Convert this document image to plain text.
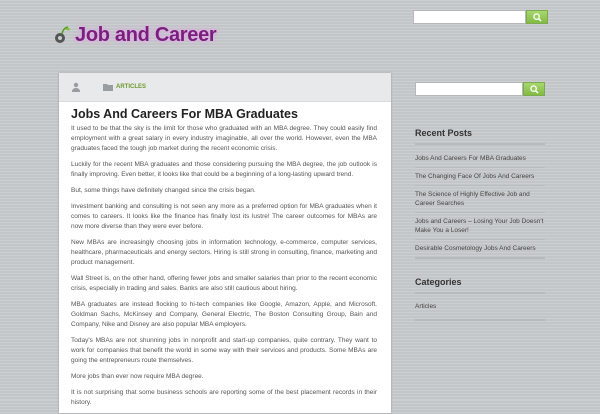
Job and Career
ARTICLES
Jobs And Careers For MBA Graduates

It used to be that the sky is the limit for those who graduated with an MBA degree. They could easily find employment with a great salary in every industry imaginable, all over the world. However, even the MBA graduates faced the tough job market during the recent economic crisis.

Luckily for the recent MBA graduates and those considering pursuing the MBA degree, the job outlook is finally improving. Even better, it looks like that could be a beginning of a long-lasting upward trend.

But, some things have definitely changed since the crisis began.

Investment banking and consulting is not seen any more as a preferred option for MBA graduates when it comes to careers. It looks like the finance has finally lost its lustre! The career outcomes for MBAs are now more diverse than they were ever before.

New MBAs are increasingly choosing jobs in information technology, e-commerce, computer services, healthcare, pharmaceuticals and energy sectors. Hiring is still strong in consulting, finance, marketing and product management.

Wall Street is, on the other hand, offering fewer jobs and smaller salaries than prior to the recent economic crisis, especially in trading and sales. Banks are also still cautious about hiring.

MBA graduates are instead flocking to hi-tech companies like Google, Amazon, Apple, and Microsoft. Goldman Sachs, McKinsey and Company, General Electric, The Boston Consulting Group, Bain and Company, Nike and Disney are also popular MBA employers.

Today's MBAs are not shunning jobs in nonprofit and start-up companies, quite contrary. They want to work for companies that benefit the world in some way with their services and products. Some MBAs are going the entrepreneurs route themselves.

More jobs than ever now require MBA degree.

It is not surprising that some business schools are reporting some of the best placement records in their history.

Recent Posts
Jobs And Careers For MBA Graduates
The Changing Face Of Jobs And Careers
The Science of Highly Effective Job and Career Searches
Jobs and Careers – Losing Your Job Doesn't Make You a Loser!
Desirable Cosmetology Jobs And Careers
Categories
Articles
